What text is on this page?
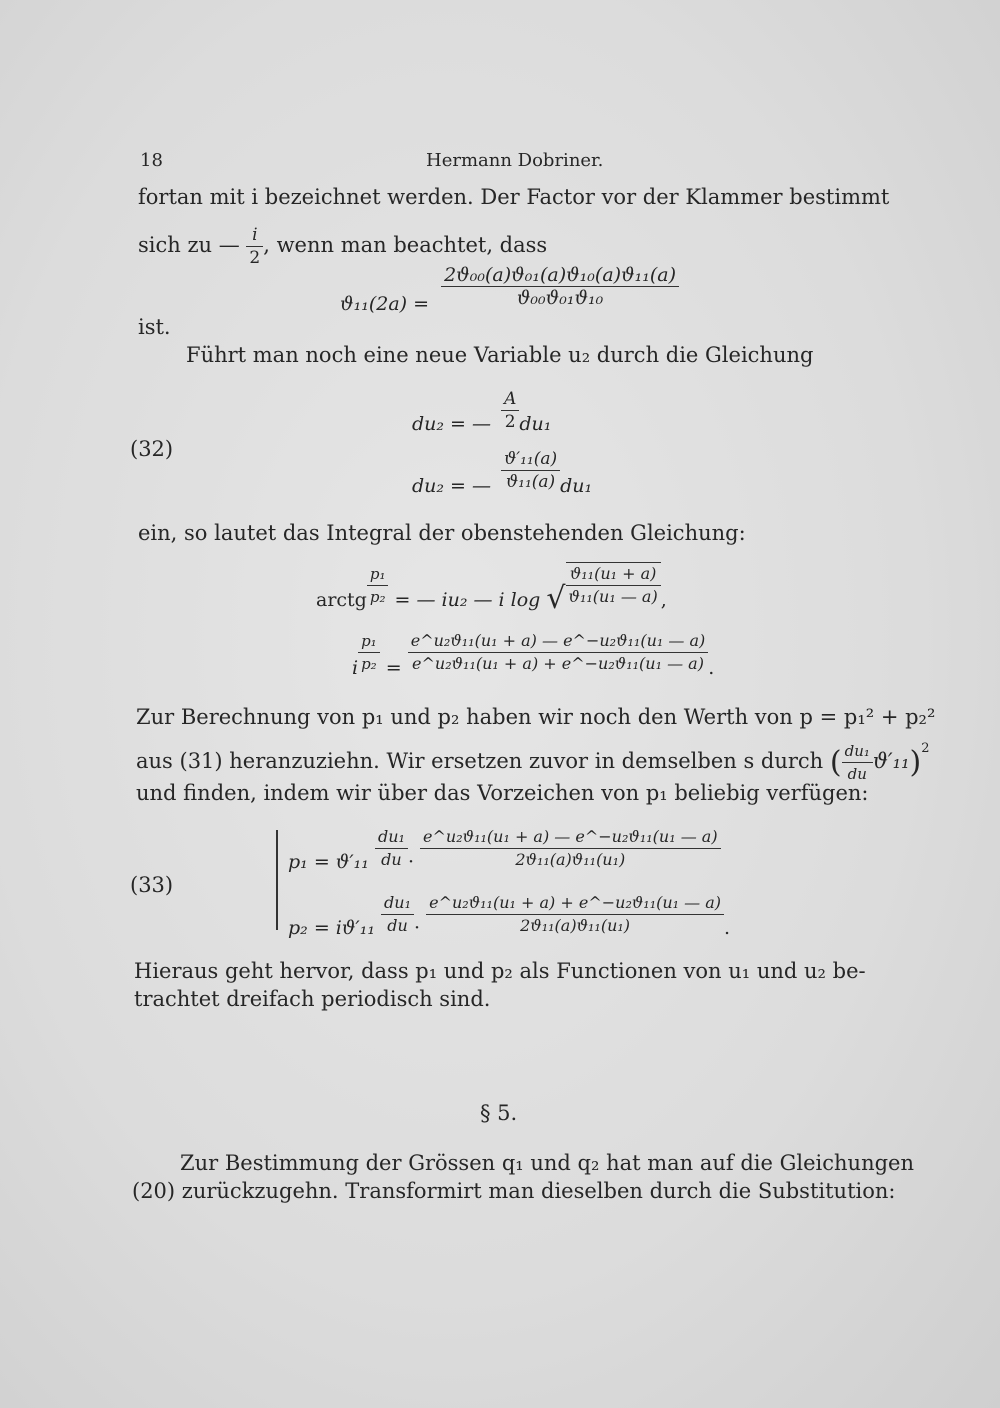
18	Hermann Dobriner.
fortan mit i bezeichnet werden. Der Factor vor der Klammer bestimmt
sich zu — $\frac{i}{2}$ , wenn man beachtet, dass
$ϑ_{11}(2a) = \frac{\text{2ϑ₀₀(a)ϑ₀₁(a)ϑ₁₀(a)ϑ₁₁(a)}}{\text{ϑ₀₀ϑ₀₁ϑ₁₀}}$
ist.
Führt man noch eine neue Variable u₂ durch die Gleichung
(32)
du₂ = — $\frac{A}{2} du_1$
du₂ = — $\frac{\text{ϑ′₁₁(a)}}{\text{ϑ₁₁(a)}} du_1$
ein, so lautet das Integral der obenstehenden Gleichung:
arctg $\frac{\text{p₁}}{\text{p₂}}$ = — iu₂ — i log √ $\frac{\text{ϑ₁₁(u₁ + a)}}{\text{ϑ₁₁(u₁ — a)}}$ ,
i $\frac{\text{p₁}}{\text{p₂}} = \frac{\text{e\textasciicircum{}u₂ϑ₁₁(u₁ + a) — e\textasciicircum{}−u₂ϑ₁₁(u₁ — a)}}{\text{e\textasciicircum{}u₂ϑ₁₁(u₁ + a) + e\textasciicircum{}−u₂ϑ₁₁(u₁ — a)}}$ .
Zur Berechnung von p₁ und p₂ haben wir noch den Werth von p = p₁² + p₂²
aus (31) heranzuziehn. Wir ersetzen zuvor in demselben s durch ( $\frac{\text{du₁}}{du} ϑ'_{11})^2$
und finden, indem wir über das Vorzeichen von p₁ beliebig verfügen:
(33)
$p_1 = ϑ'_{11} \frac{\text{du₁}}{du} \cdot \frac{\text{e\textasciicircum{}u₂ϑ₁₁(u₁ + a) — e\textasciicircum{}−u₂ϑ₁₁(u₁ — a)}}{\text{2ϑ₁₁(a)ϑ₁₁(u₁)}}$
$p_2 = iϑ'_{11} \frac{\text{du₁}}{du} \cdot \frac{\text{e\textasciicircum{}u₂ϑ₁₁(u₁ + a) + e\textasciicircum{}−u₂ϑ₁₁(u₁ — a)}}{\text{2ϑ₁₁(a)ϑ₁₁(u₁)}}$ .
Hieraus geht hervor, dass p₁ und p₂ als Functionen von u₁ und u₂ be-
trachtet dreifach periodisch sind.
§ 5.
Zur Bestimmung der Grössen q₁ und q₂ hat man auf die Gleichungen
(20) zurückzugehn. Transformirt man dieselben durch die Substitution:
